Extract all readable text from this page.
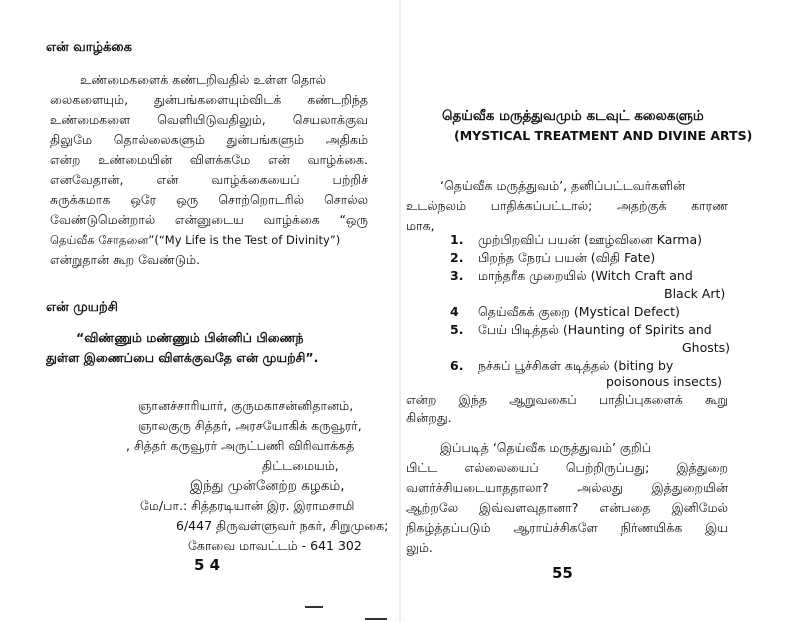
என் வாழ்க்கை
உண்மைகளைக் கண்டறிவதில் உள்ள தொல்
லைகளையும், துன்பங்களையும்விடக் கண்டறிந்த
உண்மைகளை வெளியிடுவதிலும், செயலாக்குவ
திலுமே தொல்லைகளும் துன்பங்களும் அதிகம்
என்ற உண்மையின் விளக்கமே என் வாழ்க்கை.
எனவேதான், என் வாழ்க்கையைப் பற்றிச்
சுருக்கமாக ஒரே ஒரு சொற்றொடரில் சொல்ல
வேண்டுமென்றால் என்னுடைய வாழ்க்கை “ஒரு
தெய்வீக சோதனை”(“My Life is the Test of Divinity”)
என்றுதான் கூற வேண்டும்.
என் முயற்சி
“விண்ணும் மண்ணும் பின்னிப் பிணைந்
துள்ள இணைப்பை விளக்குவதே என் முயற்சி”.
ஞானச்சாரியார், குருமகாசன்னிதானம்,
ஞாலகுரு சித்தர், அரசயோகிக் கருவூரர்,
, சித்தர் கருவூரர் அருட்பணி விரிவாக்கத்
திட்டமையம்,
இந்து முன்னேற்ற கழகம்,
மே/பா.: சித்தரடியான் இர. இராமசாமி
6/447 திருவள்ளுவர் நகர், சிறுமுகை;
கோவை மாவட்டம் - 641 302
5 4
தெய்வீக மருத்துவமும் கடவுட் கலைகளும்
(MYSTICAL TREATMENT AND DIVINE ARTS)
‘தெய்வீக மருத்துவம்’, தனிப்பட்டவர்களின்
உடல்நலம் பாதிக்கப்பட்டால்; அதற்குக் காரண
மாக,
1. முற்பிறவிப் பயன் (ஊழ்வினை Karma)
2. பிறந்த நேரப் பயன் (விதி Fate)
3. மாந்தரீக முறையில் (Witch Craft and
Black Art)
4 தெய்வீகக் குறை (Mystical Defect)
5. பேய் பிடித்தல் (Haunting of Spirits and
Ghosts)
6. நச்சுப் பூச்சிகள் கடித்தல் (biting by
poisonous insects)
என்ற இந்த ஆறுவகைப் பாதிப்புகளைக் கூறு
கின்றது.
இப்படித் ‘தெய்வீக மருத்துவம்’ குறிப்
பிட்ட எல்லையைப் பெற்றிருப்பது; இத்துறை
வளர்ச்சியடையாததாலா? அல்லது இத்துறையின்
ஆற்றலே இவ்வளவுதானா? என்பதை இனிமேல்
நிகழ்த்தப்படும் ஆராய்ச்சிகளே நிர்ணயிக்க இய
லும்.
55
